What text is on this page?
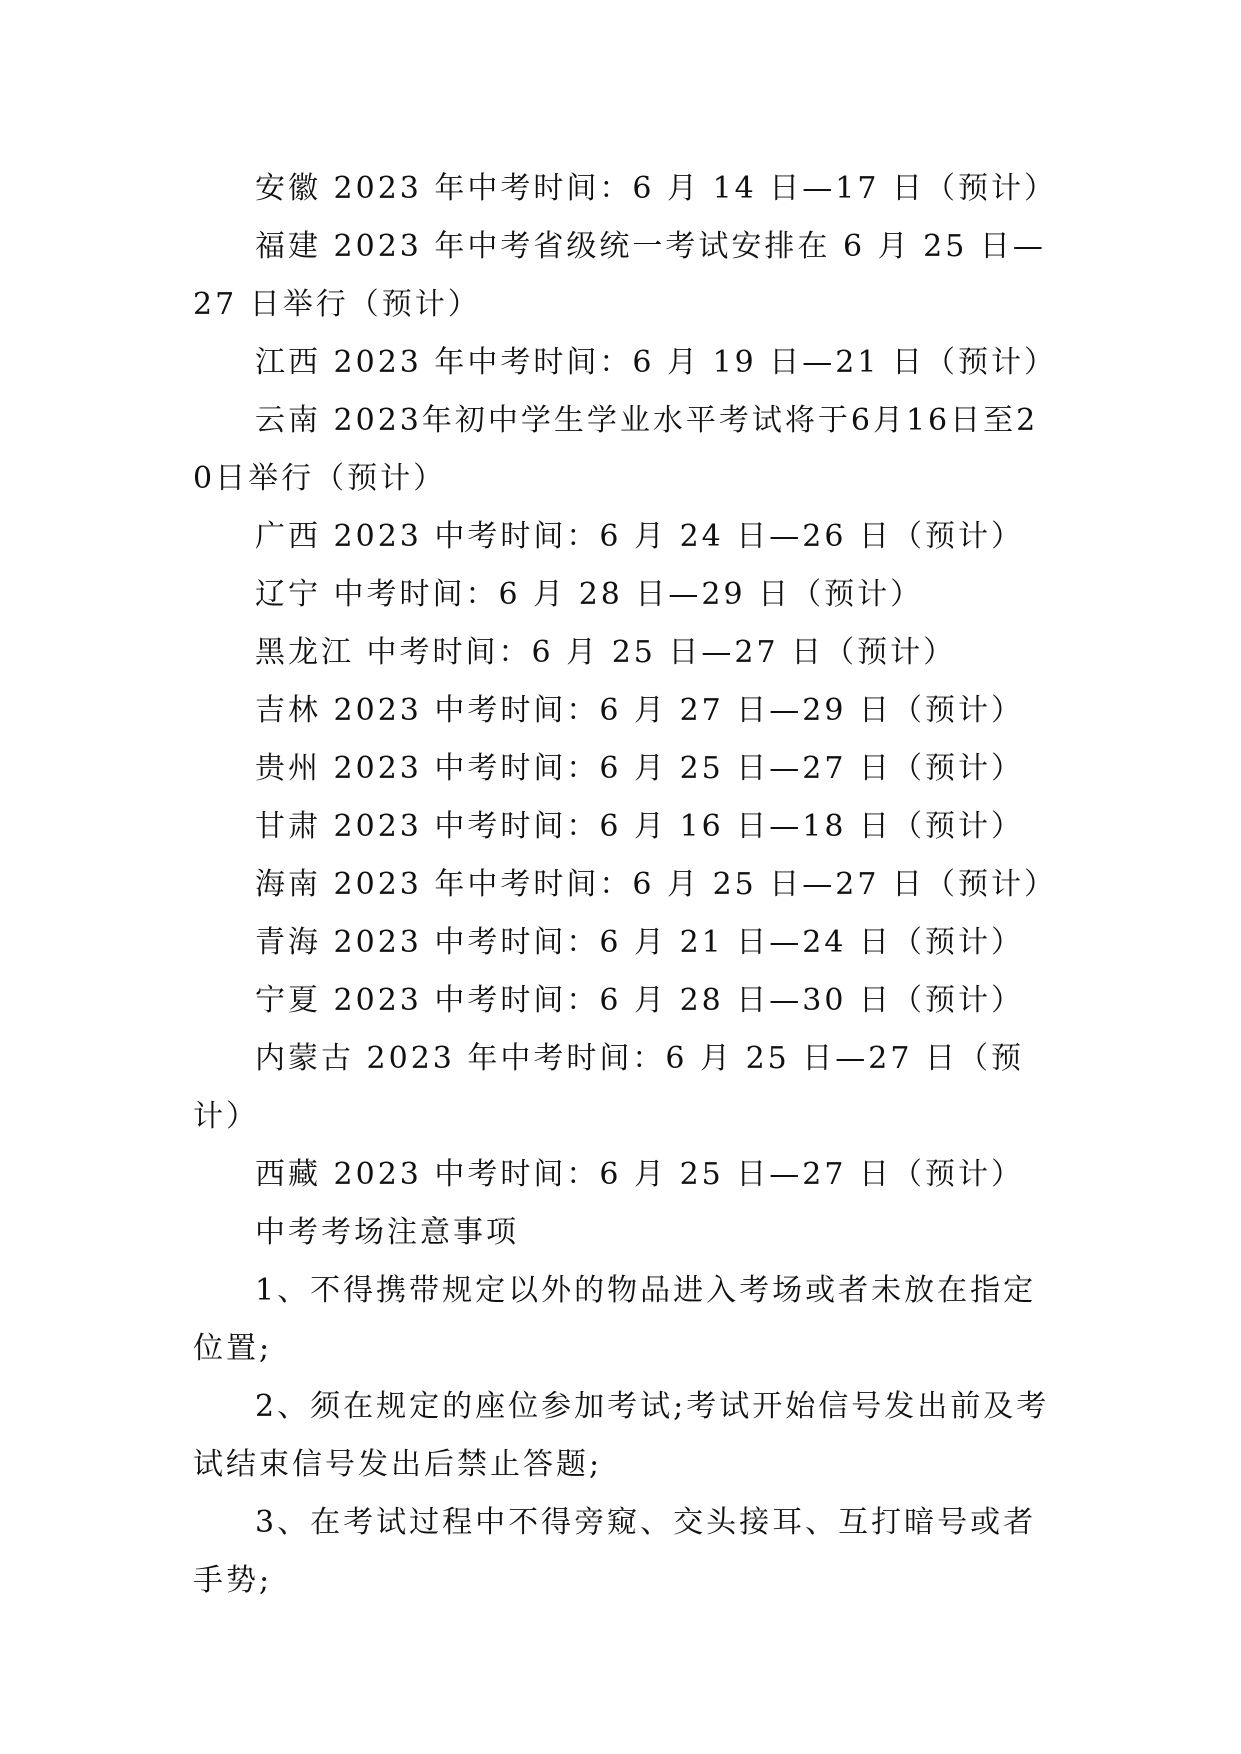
安徽 2023 年中考时间：6 月 14 日—17 日（预计）

福建 2023 年中考省级统一考试安排在 6 月 25 日—27 日举行（预计）

江西 2023 年中考时间：6 月 19 日—21 日（预计）

云南 2023年初中学生学业水平考试将于6月16日至20日举行（预计）

广西 2023 中考时间：6 月 24 日—26 日（预计）

辽宁 中考时间：6 月 28 日—29 日（预计）

黑龙江 中考时间：6 月 25 日—27 日（预计）

吉林 2023 中考时间：6 月 27 日—29 日（预计）

贵州 2023 中考时间：6 月 25 日—27 日（预计）

甘肃 2023 中考时间：6 月 16 日—18 日（预计）

海南 2023 年中考时间：6 月 25 日—27 日（预计）

青海 2023 中考时间：6 月 21 日—24 日（预计）

宁夏 2023 中考时间：6 月 28 日—30 日（预计）

内蒙古 2023 年中考时间：6 月 25 日—27 日（预计）

西藏 2023 中考时间：6 月 25 日—27 日（预计）

中考考场注意事项

1、不得携带规定以外的物品进入考场或者未放在指定位置;

2、须在规定的座位参加考试;考试开始信号发出前及考试结束信号发出后禁止答题;

3、在考试过程中不得旁窥、交头接耳、互打暗号或者手势;
